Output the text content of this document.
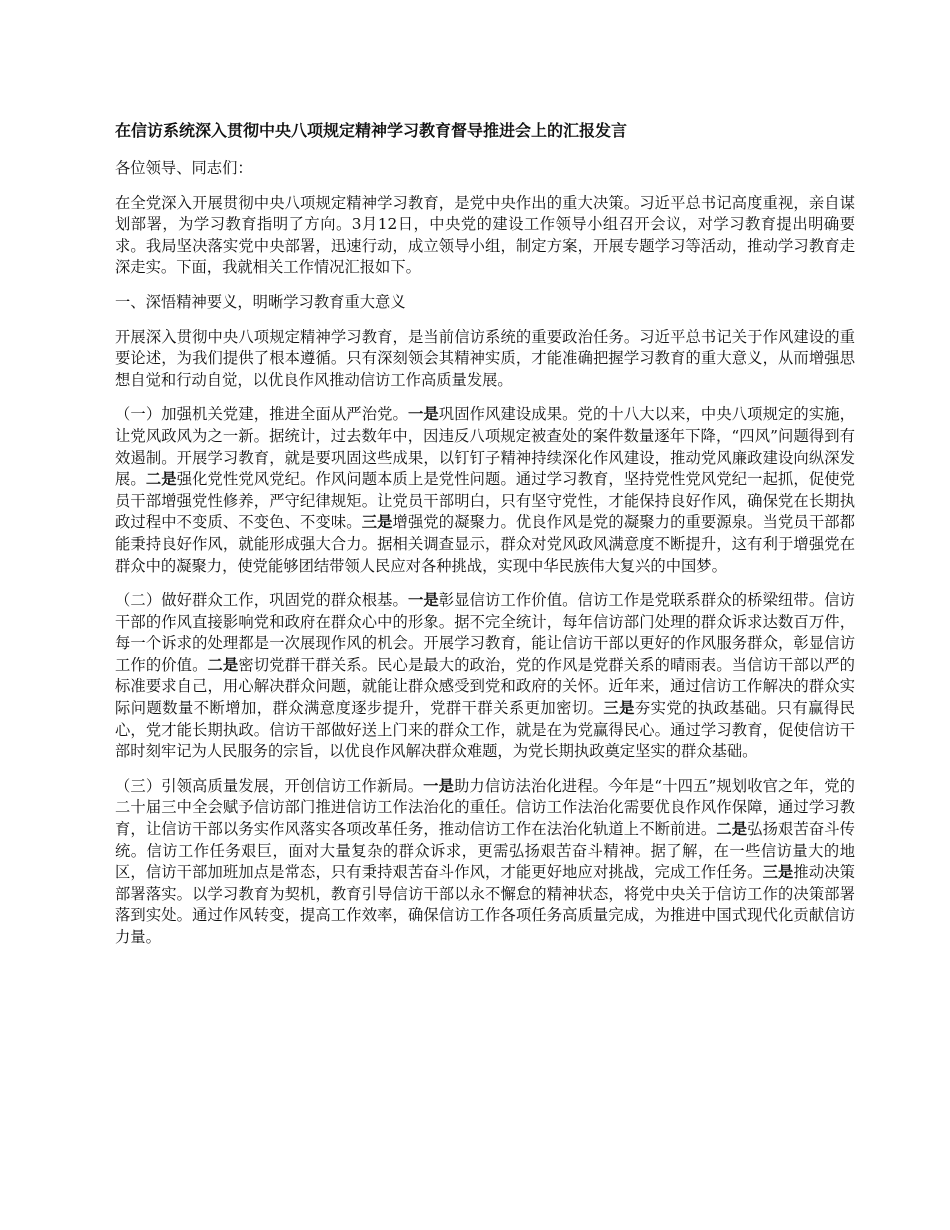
在信访系统深入贯彻中央八项规定精神学习教育督导推进会上的汇报发言

各位领导、同志们：

在全党深入开展贯彻中央八项规定精神学习教育，是党中央作出的重大决策。习近平总书记高度重视，亲自谋划部署，为学习教育指明了方向。3月12日，中央党的建设工作领导小组召开会议，对学习教育提出明确要求。我局坚决落实党中央部署，迅速行动，成立领导小组，制定方案，开展专题学习等活动，推动学习教育走深走实。下面，我就相关工作情况汇报如下。

一、深悟精神要义，明晰学习教育重大意义

开展深入贯彻中央八项规定精神学习教育，是当前信访系统的重要政治任务。习近平总书记关于作风建设的重要论述，为我们提供了根本遵循。只有深刻领会其精神实质，才能准确把握学习教育的重大意义，从而增强思想自觉和行动自觉，以优良作风推动信访工作高质量发展。

（一）加强机关党建，推进全面从严治党。一是巩固作风建设成果。党的十八大以来，中央八项规定的实施，让党风政风为之一新。据统计，过去数年中，因违反八项规定被查处的案件数量逐年下降，“四风”问题得到有效遏制。开展学习教育，就是要巩固这些成果，以钉钉子精神持续深化作风建设，推动党风廉政建设向纵深发展。二是强化党性党风党纪。作风问题本质上是党性问题。通过学习教育，坚持党性党风党纪一起抓，促使党员干部增强党性修养，严守纪律规矩。让党员干部明白，只有坚守党性，才能保持良好作风，确保党在长期执政过程中不变质、不变色、不变味。三是增强党的凝聚力。优良作风是党的凝聚力的重要源泉。当党员干部都能秉持良好作风，就能形成强大合力。据相关调查显示，群众对党风政风满意度不断提升，这有利于增强党在群众中的凝聚力，使党能够团结带领人民应对各种挑战，实现中华民族伟大复兴的中国梦。

（二）做好群众工作，巩固党的群众根基。一是彰显信访工作价值。信访工作是党联系群众的桥梁纽带。信访干部的作风直接影响党和政府在群众心中的形象。据不完全统计，每年信访部门处理的群众诉求达数百万件，每一个诉求的处理都是一次展现作风的机会。开展学习教育，能让信访干部以更好的作风服务群众，彰显信访工作的价值。二是密切党群干群关系。民心是最大的政治，党的作风是党群关系的晴雨表。当信访干部以严的标准要求自己，用心解决群众问题，就能让群众感受到党和政府的关怀。近年来，通过信访工作解决的群众实际问题数量不断增加，群众满意度逐步提升，党群干群关系更加密切。三是夯实党的执政基础。只有赢得民心，党才能长期执政。信访干部做好送上门来的群众工作，就是在为党赢得民心。通过学习教育，促使信访干部时刻牢记为人民服务的宗旨，以优良作风解决群众难题，为党长期执政奠定坚实的群众基础。

（三）引领高质量发展，开创信访工作新局。一是助力信访法治化进程。今年是“十四五”规划收官之年，党的二十届三中全会赋予信访部门推进信访工作法治化的重任。信访工作法治化需要优良作风作保障，通过学习教育，让信访干部以务实作风落实各项改革任务，推动信访工作在法治化轨道上不断前进。二是弘扬艰苦奋斗传统。信访工作任务艰巨，面对大量复杂的群众诉求，更需弘扬艰苦奋斗精神。据了解，在一些信访量大的地区，信访干部加班加点是常态，只有秉持艰苦奋斗作风，才能更好地应对挑战，完成工作任务。三是推动决策部署落实。以学习教育为契机，教育引导信访干部以永不懈怠的精神状态，将党中央关于信访工作的决策部署落到实处。通过作风转变，提高工作效率，确保信访工作各项任务高质量完成，为推进中国式现代化贡献信访力量。
